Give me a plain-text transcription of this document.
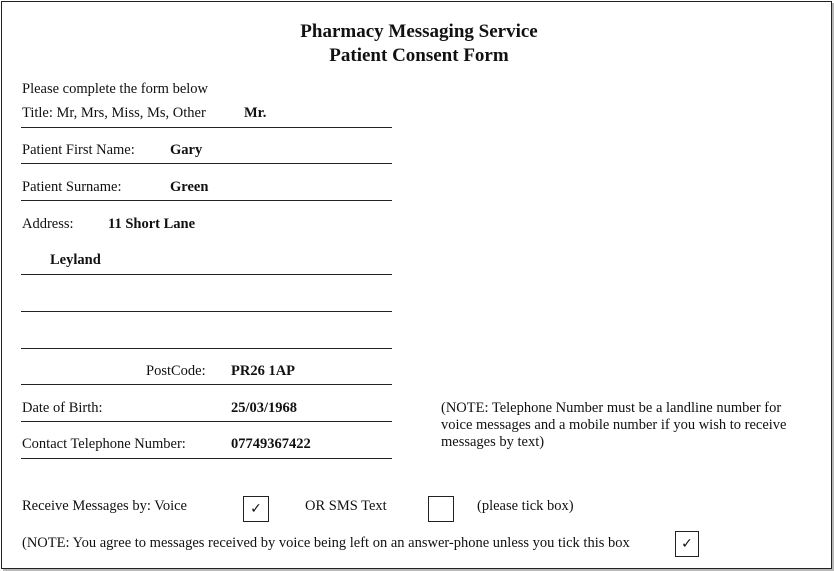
Pharmacy Messaging Service
Patient Consent Form
Please complete the form below
Title: Mr, Mrs, Miss, Ms, Other	Mr.
Patient First Name: Gary
Patient Surname:	Green
Address: 11 Short Lane
Leyland
PostCode: PR26 1AP
Date of Birth:	25/03/1968
Contact Telephone Number:	07749367422
(NOTE: Telephone Number must be a landline number for voice messages and a mobile number if you wish to receive messages by text)
Receive Messages by: Voice	✓	OR SMS Text	(please tick box)
(NOTE: You agree to messages received by voice being left on an answer-phone unless you tick this box	✓
